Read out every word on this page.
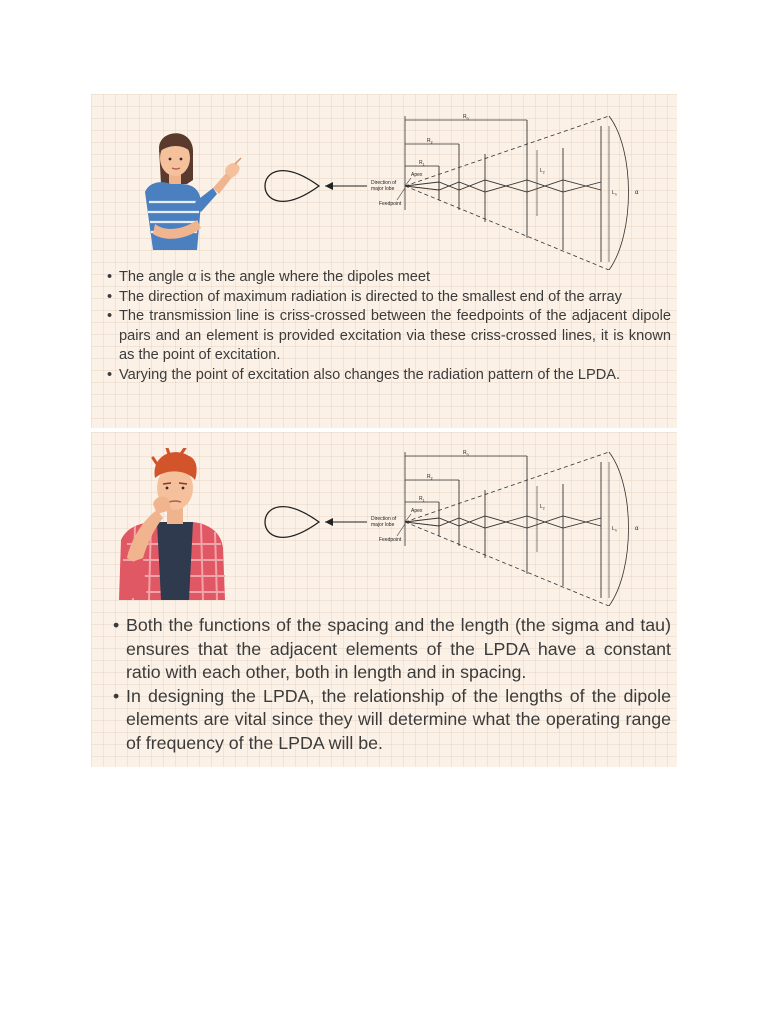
$R_n$
$R_2$
$R_1$
Apex
$L_2$
$L_n$	α
Direction of
major lobe
Feedpoint
• The angle α is the angle where the dipoles meet
• The direction of maximum radiation is directed to the smallest end of the array
• The transmission line is criss-crossed between the feedpoints of the adjacent dipole pairs and an element is provided excitation via these criss-crossed lines, it is known as the point of excitation.
• Varying the point of excitation also changes the radiation pattern of the LPDA.
$R_n$
$R_2$
$R_1$
Apex
$L_2$
$L_n$	α
Direction of
major lobe
Feedpoint
• Both the functions of the spacing and the length (the sigma and tau) ensures that the adjacent elements of the LPDA have a constant ratio with each other, both in length and in spacing.
• In designing the LPDA, the relationship of the lengths of the dipole elements are vital since they will determine what the operating range of frequency of the LPDA will be.
